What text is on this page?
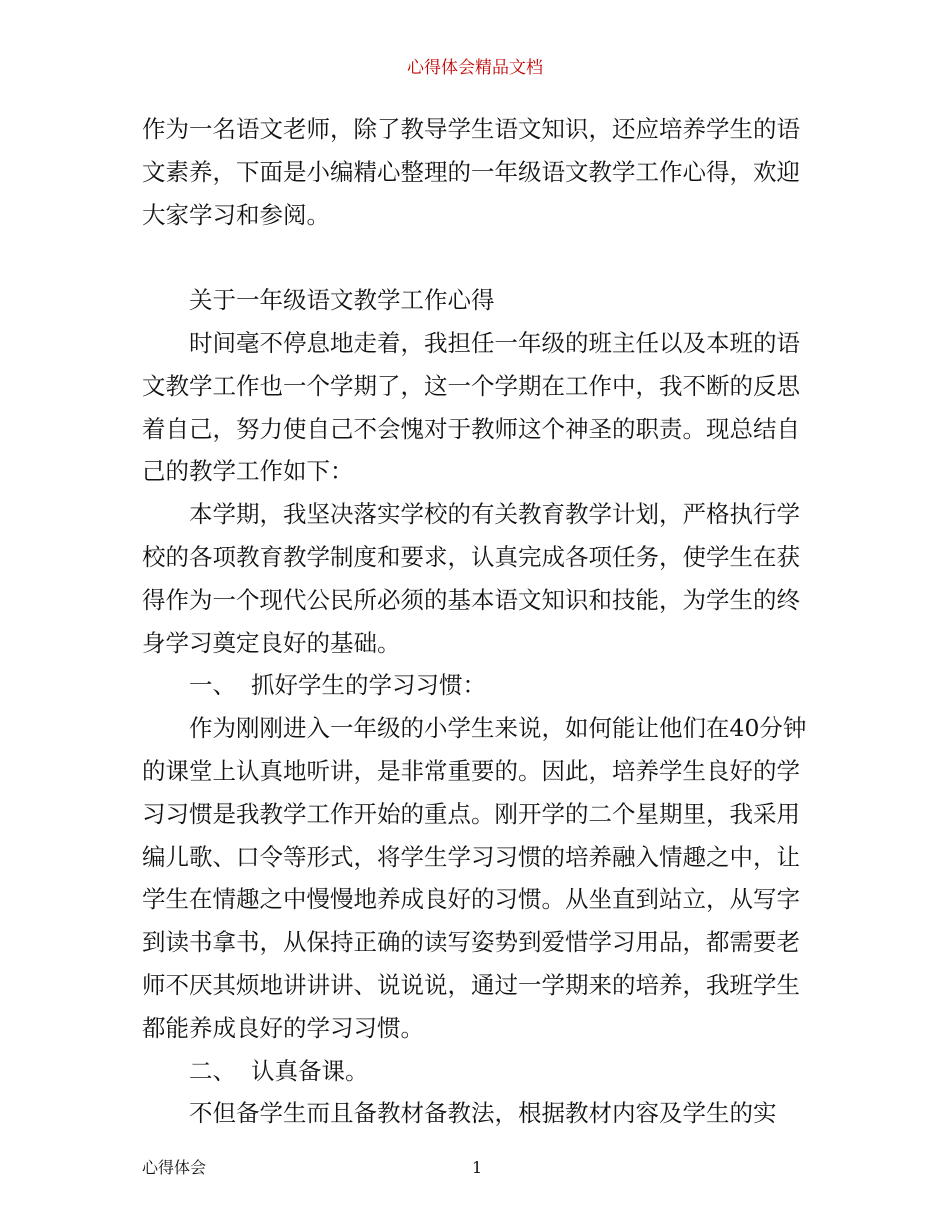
心得体会精品文档

作为一名语文老师，除了教导学生语文知识，还应培养学生的语文素养，下面是小编精心整理的一年级语文教学工作心得，欢迎大家学习和参阅。

关于一年级语文教学工作心得

时间毫不停息地走着，我担任一年级的班主任以及本班的语文教学工作也一个学期了，这一个学期在工作中，我不断的反思着自己，努力使自己不会愧对于教师这个神圣的职责。现总结自己的教学工作如下：

本学期，我坚决落实学校的有关教育教学计划，严格执行学校的各项教育教学制度和要求，认真完成各项任务，使学生在获得作为一个现代公民所必须的基本语文知识和技能，为学生的终身学习奠定良好的基础。

一、  抓好学生的学习习惯：

作为刚刚进入一年级的小学生来说，如何能让他们在40分钟的课堂上认真地听讲，是非常重要的。因此，培养学生良好的学习习惯是我教学工作开始的重点。刚开学的二个星期里，我采用编儿歌、口令等形式，将学生学习习惯的培养融入情趣之中，让学生在情趣之中慢慢地养成良好的习惯。从坐直到站立，从写字到读书拿书，从保持正确的读写姿势到爱惜学习用品，都需要老师不厌其烦地讲讲讲、说说说，通过一学期来的培养，我班学生都能养成良好的学习习惯。

二、  认真备课。

不但备学生而且备教材备教法，根据教材内容及学生的实

心得体会	1
